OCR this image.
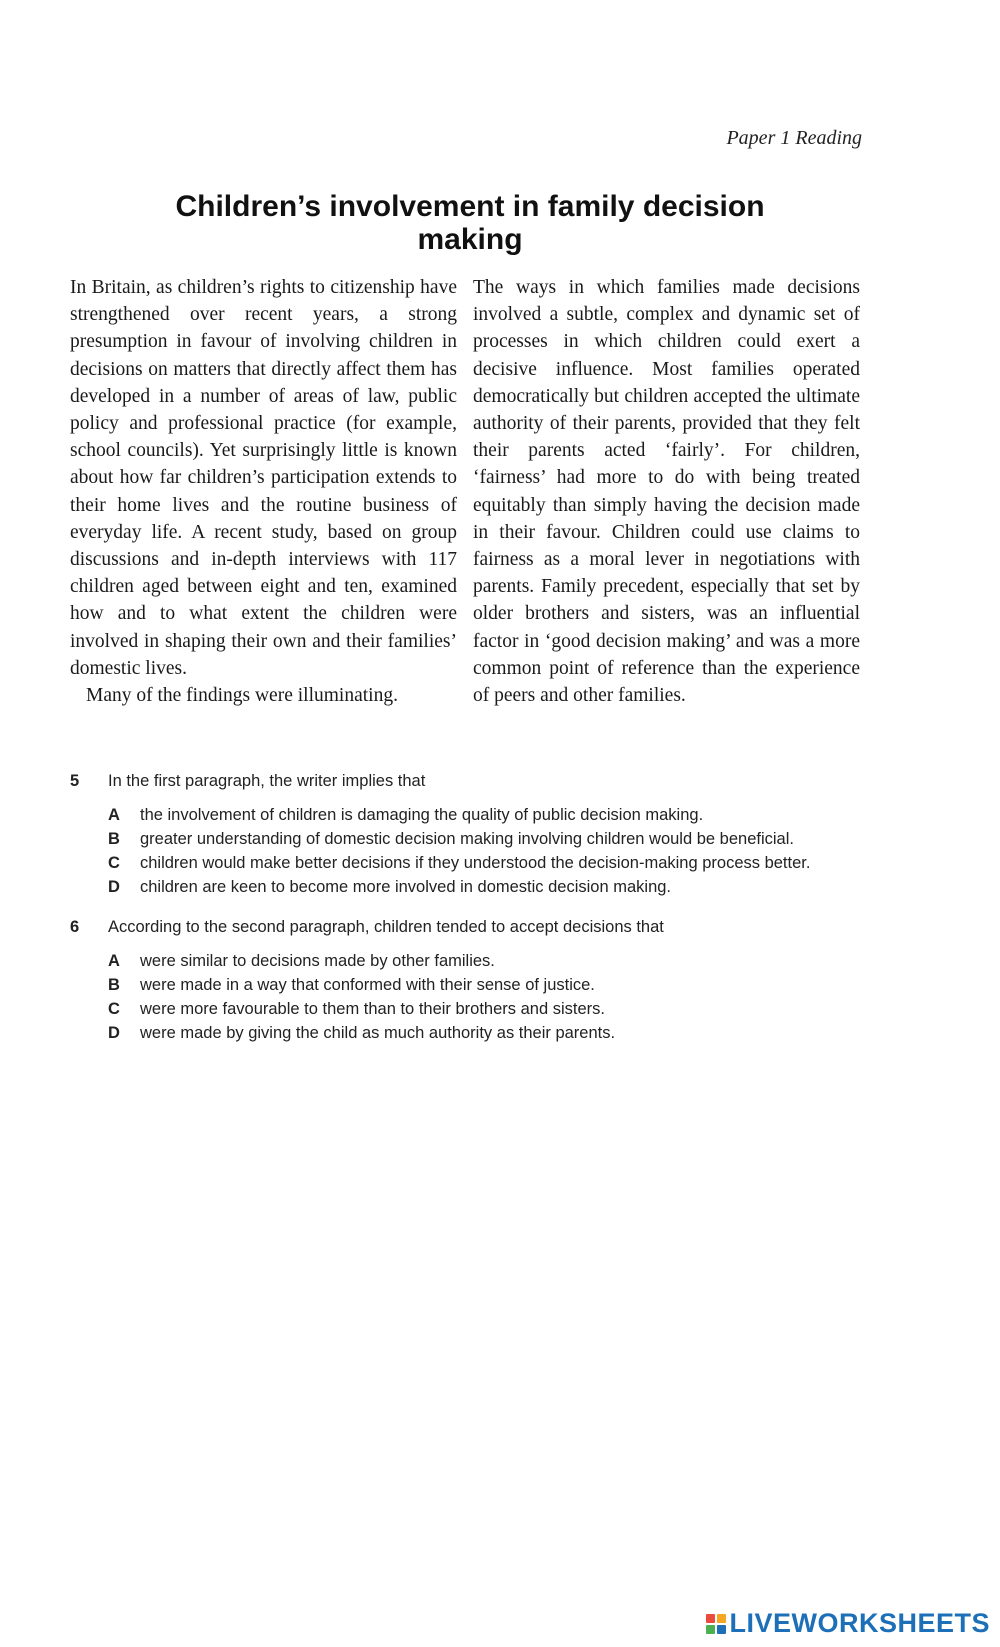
Paper 1 Reading
Children’s involvement in family decision making

In Britain, as children’s rights to citizenship have strengthened over recent years, a strong presumption in favour of involving children in decisions on matters that directly affect them has developed in a number of areas of law, public policy and professional practice (for example, school councils). Yet surprisingly little is known about how far children’s participation extends to their home lives and the routine business of everyday life. A recent study, based on group discussions and in-depth interviews with 117 children aged between eight and ten, examined how and to what extent the children were involved in shaping their own and their families’ domestic lives.

Many of the findings were illuminating.

The ways in which families made decisions involved a subtle, complex and dynamic set of processes in which children could exert a decisive influence. Most families operated democratically but children accepted the ultimate authority of their parents, provided that they felt their parents acted ‘fairly’. For children, ‘fairness’ had more to do with being treated equitably than simply having the decision made in their favour. Children could use claims to fairness as a moral lever in negotiations with parents. Family precedent, especially that set by older brothers and sisters, was an influential factor in ‘good decision making’ and was a more common point of reference than the experience of peers and other families.

5	In the first paragraph, the writer implies that
A	the involvement of children is damaging the quality of public decision making.
B	greater understanding of domestic decision making involving children would be beneficial.
C	children would make better decisions if they understood the decision-making process better.
D	children are keen to become more involved in domestic decision making.
6	According to the second paragraph, children tended to accept decisions that
A	were similar to decisions made by other families.
B	were made in a way that conformed with their sense of justice.
C	were more favourable to them than to their brothers and sisters.
D	were made by giving the child as much authority as their parents.
LIVEWORKSHEETS
